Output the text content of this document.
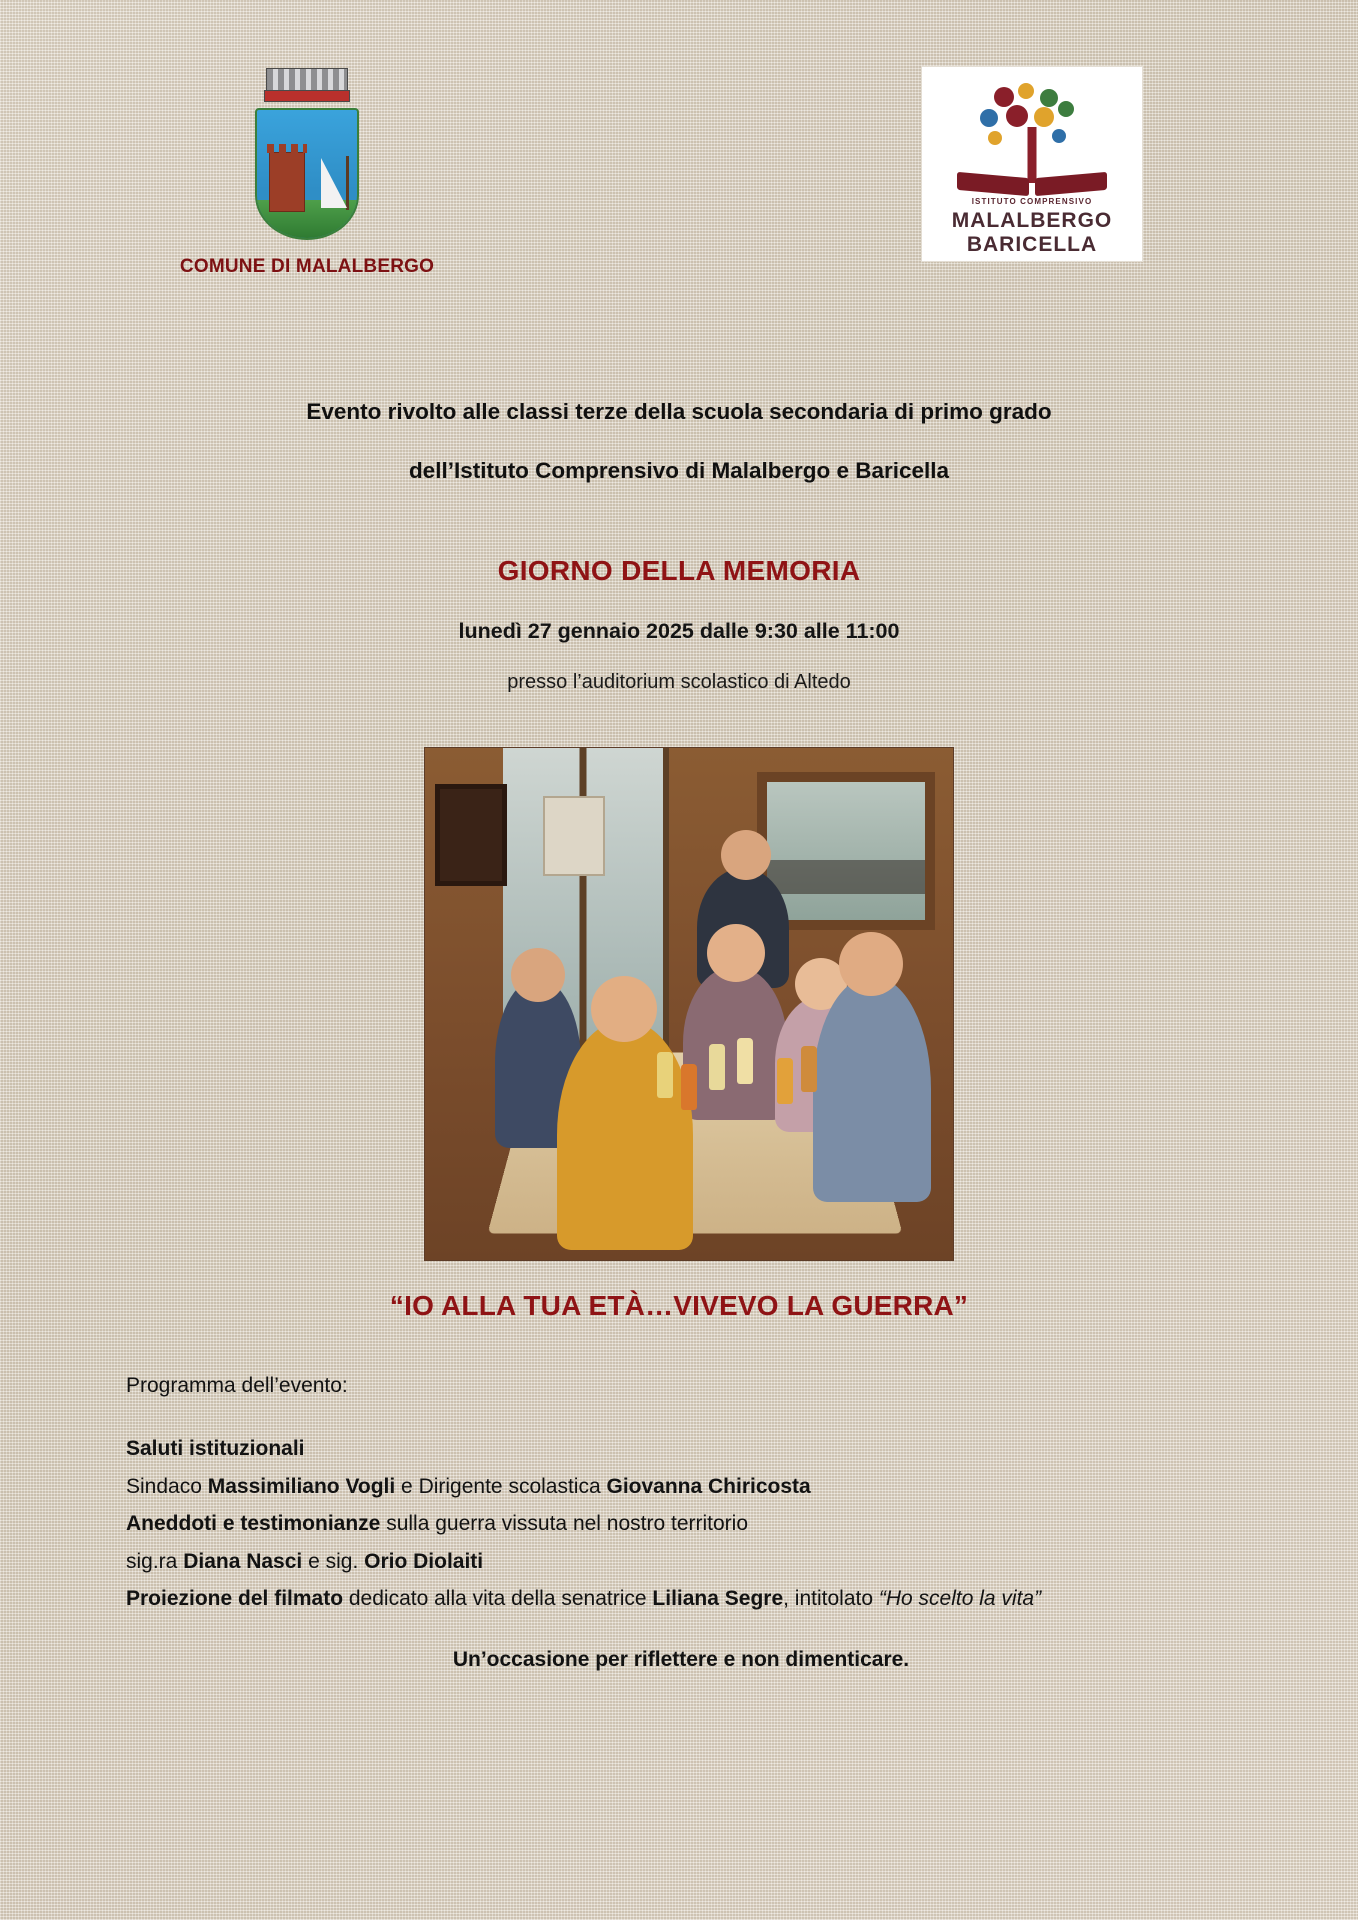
COMUNE DI MALALBERGO
ISTITUTO COMPRENSIVO
MALALBERGO
BARICELLA
Evento rivolto alle classi terze della scuola secondaria di primo grado
dell’Istituto Comprensivo di Malalbergo e Baricella
GIORNO DELLA MEMORIA
lunedì 27 gennaio 2025 dalle 9:30 alle 11:00
presso l’auditorium scolastico di Altedo
“IO ALLA TUA ETÀ…VIVEVO LA GUERRA”
Programma dell’evento:
Saluti istituzionali
Sindaco Massimiliano Vogli e Dirigente scolastica Giovanna Chiricosta
Aneddoti e testimonianze sulla guerra vissuta nel nostro territorio
sig.ra Diana Nasci e sig. Orio Diolaiti
Proiezione del filmato dedicato alla vita della senatrice Liliana Segre, intitolato “Ho scelto la vita”
Un’occasione per riflettere e non dimenticare.
